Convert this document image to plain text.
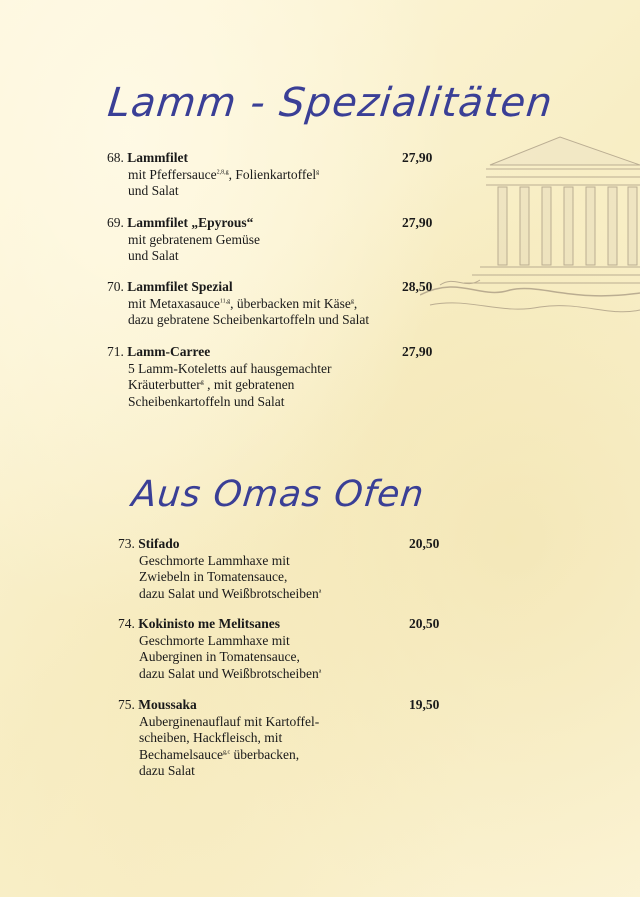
Lamm - Spezialitäten
68. Lammfilet	27,90
mit Pfeffersauce$^{2,8,g}$, Folienkartoffel$^g$
und Salat
69. Lammfilet „Epyrous“	27,90
mit gebratenem Gemüse
und Salat
70. Lammfilet Spezial	28,50
mit Metaxasauce$^{11,g}$, überbacken mit Käse$^g$,
dazu gebratene Scheibenkartoffeln und Salat
71. Lamm-Carree	27,90
5 Lamm-Koteletts auf hausgemachter
Kräuterbutter$^g$ , mit gebratenen
Scheibenkartoffeln und Salat
Aus Omas Ofen
73. Stifado	20,50
Geschmorte Lammhaxe mit
Zwiebeln in Tomatensauce,
dazu Salat und Weißbrotscheiben$^a$
74. Kokinisto me Melitsanes	20,50
Geschmorte Lammhaxe mit
Auberginen in Tomatensauce,
dazu Salat und Weißbrotscheiben$^a$
75. Moussaka	19,50
Auberginenauflauf mit Kartoffel-
scheiben, Hackfleisch, mit
Bechamelsauce$^{g,c}$ überbacken,
dazu Salat
